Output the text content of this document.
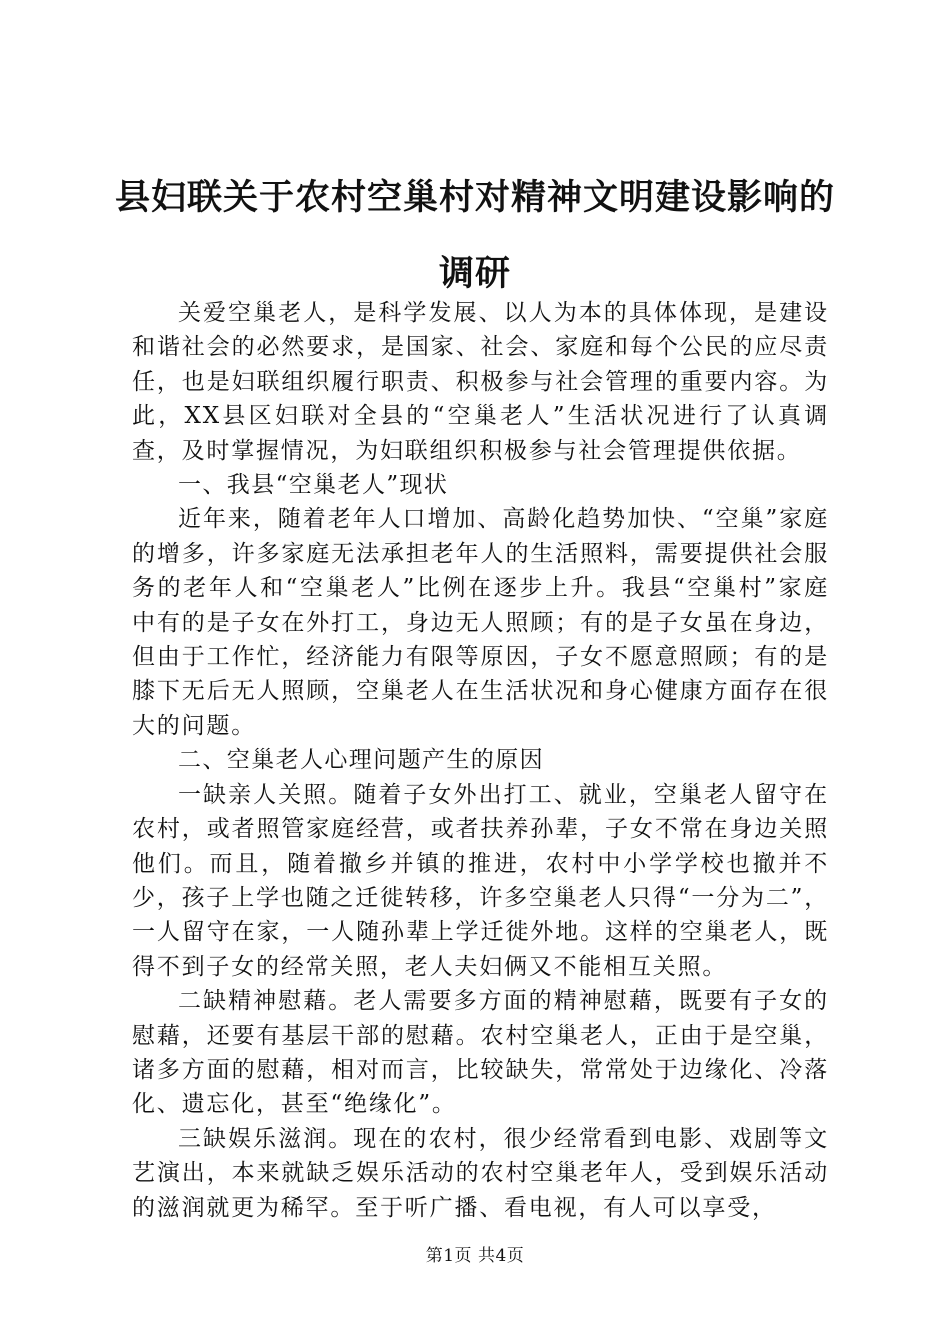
县妇联关于农村空巢村对精神文明建设影响的调研

关爱空巢老人，是科学发展、以人为本的具体体现，是建设和谐社会的必然要求，是国家、社会、家庭和每个公民的应尽责任，也是妇联组织履行职责、积极参与社会管理的重要内容。为此，XX县区妇联对全县的“空巢老人”生活状况进行了认真调查，及时掌握情况，为妇联组织积极参与社会管理提供依据。

一、我县“空巢老人”现状

近年来，随着老年人口增加、高龄化趋势加快、“空巢”家庭的增多，许多家庭无法承担老年人的生活照料，需要提供社会服务的老年人和“空巢老人”比例在逐步上升。我县“空巢村”家庭中有的是子女在外打工，身边无人照顾；有的是子女虽在身边，但由于工作忙，经济能力有限等原因，子女不愿意照顾；有的是膝下无后无人照顾，空巢老人在生活状况和身心健康方面存在很大的问题。

二、空巢老人心理问题产生的原因

一缺亲人关照。随着子女外出打工、就业，空巢老人留守在农村，或者照管家庭经营，或者扶养孙辈，子女不常在身边关照他们。而且，随着撤乡并镇的推进，农村中小学学校也撤并不少，孩子上学也随之迁徙转移，许多空巢老人只得“一分为二”，一人留守在家，一人随孙辈上学迁徙外地。这样的空巢老人，既得不到子女的经常关照，老人夫妇俩又不能相互关照。

二缺精神慰藉。老人需要多方面的精神慰藉，既要有子女的慰藉，还要有基层干部的慰藉。农村空巢老人，正由于是空巢，诸多方面的慰藉，相对而言，比较缺失，常常处于边缘化、冷落化、遗忘化，甚至“绝缘化”。

三缺娱乐滋润。现在的农村，很少经常看到电影、戏剧等文艺演出，本来就缺乏娱乐活动的农村空巢老年人，受到娱乐活动的滋润就更为稀罕。至于听广播、看电视，有人可以享受，

第1页 共4页
